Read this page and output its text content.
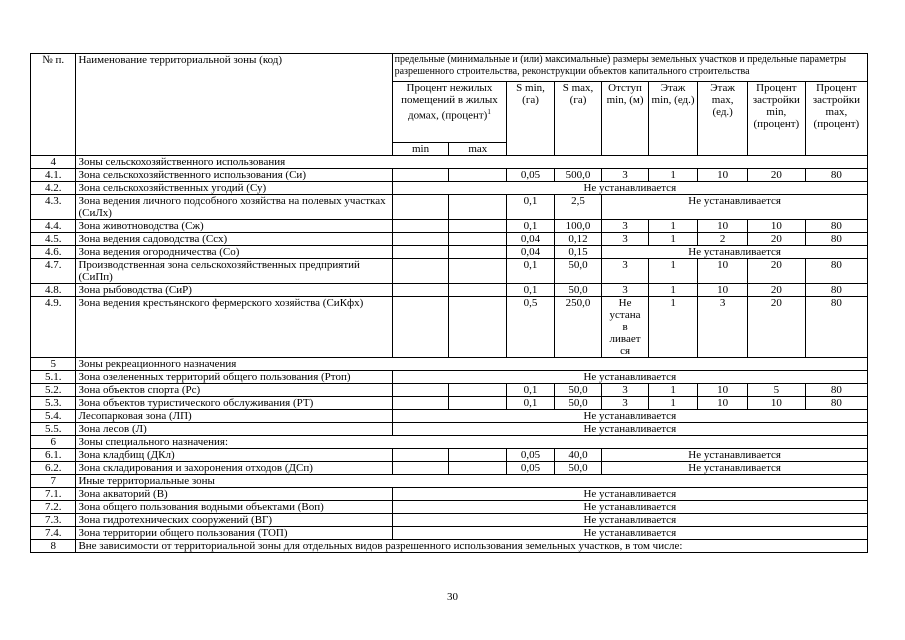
№ п.	Наименование территориальной зоны (код)	предельные (минимальные и (или) максимальные) размеры земельных участков и предельные параметры разрешенного строительства, реконструкции объектов капитального строительства								
		Процент нежилых помещений в жилых домах, (процент)$^1$		S min, (га)	S max, (га)	Отступ min, (м)	Этаж min, (ед.)	Этаж max, (ед.)	Процент застройки min, (процент)	Процент застройки max, (процент)
		min	max							
4	Зоны сельскохозяйственного использования									
4.1.	Зона сельскохозяйственного использования (Си)			0,05	500,0	3	1	10	20	80
4.2.	Зона сельскохозяйственных угодий (Су)	Не устанавливается								
4.3.	Зона ведения личного подсобного хозяйства на полевых участках (СиЛх)			0,1	2,5	Не устанавливается				
4.4.	Зона животноводства (Сж)			0,1	100,0	3	1	10	10	80
4.5.	Зона ведения садоводства (Ссх)			0,04	0,12	3	1	2	20	80
4.6.	Зона ведения огородничества (Со)			0,04	0,15	Не устанавливается				
4.7.	Производственная зона сельскохозяйственных предприятий (СиПп)			0,1	50,0	3	1	10	20	80
4.8.	Зона рыбоводства (СиР)			0,1	50,0	3	1	10	20	80
4.9.	Зона ведения крестьянского фермерского хозяйства (СиКфх)			0,5	250,0	Не устанав ливает ся	1	3	20	80
5	Зоны рекреационного назначения									
5.1.	Зона озелененных территорий общего пользования (Ртоп)	Не устанавливается								
5.2.	Зона объектов спорта (Рс)			0,1	50,0	3	1	10	5	80
5.3.	Зона объектов туристического обслуживания (РТ)			0,1	50,0	3	1	10	10	80
5.4.	Лесопарковая зона (ЛП)	Не устанавливается								
5.5.	Зона лесов (Л)	Не устанавливается								
6	Зоны специального назначения:									
6.1.	Зона кладбищ (ДКл)			0,05	40,0	Не устанавливается				
6.2.	Зона складирования и захоронения отходов (ДСп)			0,05	50,0	Не устанавливается				
7	Иные территориальные зоны									
7.1.	Зона акваторий (В)	Не устанавливается								
7.2.	Зона общего пользования водными объектами (Воп)	Не устанавливается								
7.3.	Зона гидротехнических сооружений (ВГ)	Не устанавливается								
7.4.	Зона территории общего пользования (ТОП)	Не устанавливается								
8	Вне зависимости от территориальной зоны для отдельных видов разрешенного использования земельных участков, в том числе:									
30
